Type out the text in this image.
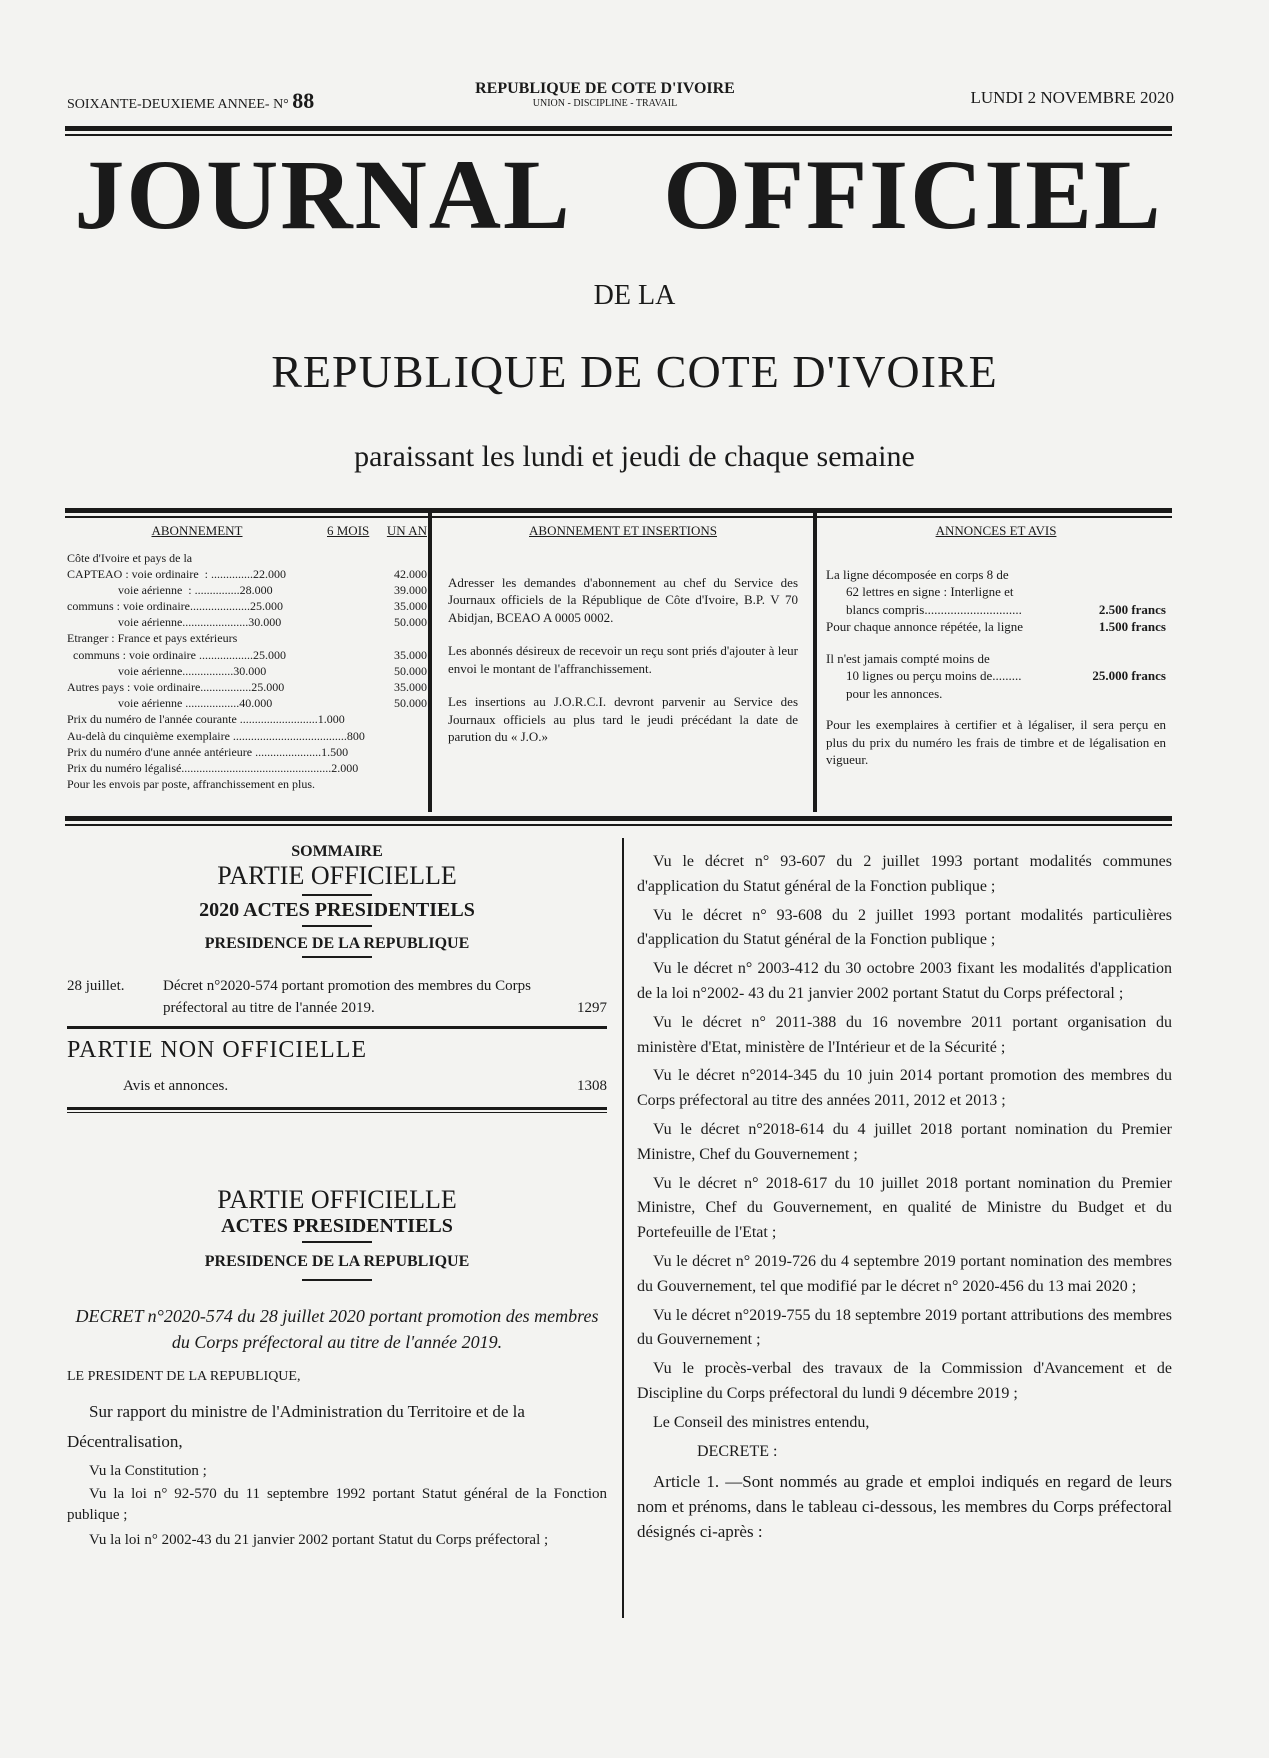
SOIXANTE-DEUXIEME ANNEE- N° 88	REPUBLIQUE DE COTE D'IVOIRE
UNION - DISCIPLINE - TRAVAIL	LUNDI 2 NOVEMBRE 2020
JOURNAL OFFICIEL
DE LA
REPUBLIQUE DE COTE D'IVOIRE
paraissant les lundi et jeudi de chaque semaine
ABONNEMENT	6 MOIS	UN AN
Côte d'Ivoire et pays de la
CAPTEAO : voie ordinaire  : ..............22.000	42.000
voie aérienne  : ...............28.000	39.000
communs : voie ordinaire....................25.000	35.000
voie aérienne......................30.000	50.000
Etranger : France et pays extérieurs
communs : voie ordinaire ..................25.000	35.000
voie aérienne.................30.000	50.000
Autres pays : voie ordinaire.................25.000	35.000
voie aérienne ..................40.000	50.000
Prix du numéro de l'année courante ..........................1.000
Au-delà du cinquième exemplaire ......................................800
Prix du numéro d'une année antérieure ......................1.500
Prix du numéro légalisé..................................................2.000
Pour les envois par poste, affranchissement en plus.
ABONNEMENT ET INSERTIONS

Adresser les demandes d'abonnement au chef du Service des Journaux officiels de la République de Côte d'Ivoire, B.P. V 70 Abidjan, BCEAO A 0005 0002.

Les abonnés désireux de recevoir un reçu sont priés d'ajouter à leur envoi le montant de l'affranchissement.

Les insertions au J.O.R.C.I. devront parvenir au Service des Journaux officiels au plus tard le jeudi précédant la date de parution du « J.O.»

ANNONCES ET AVIS
La ligne décomposée en corps 8 de
62 lettres en signe : Interligne et
blancs compris..............................	2.500 francs
Pour chaque annonce répétée, la ligne	1.500 francs
Il n'est jamais compté moins de
10 lignes ou perçu moins de.........	25.000 francs
pour les annonces.
Pour les exemplaires à certifier et à légaliser, il sera perçu en plus du prix du numéro les frais de timbre et de légalisation en vigueur.
SOMMAIRE
PARTIE OFFICIELLE
2020 ACTES PRESIDENTIELS
PRESIDENCE DE LA REPUBLIQUE
28 juillet.	Décret n°2020-574 portant promotion des membres du Corps préfectoral au titre de l'année 2019.	1297
PARTIE NON OFFICIELLE
Avis et annonces.	1308
PARTIE OFFICIELLE
ACTES PRESIDENTIELS
PRESIDENCE DE LA REPUBLIQUE
DECRET n°2020-574 du 28 juillet 2020 portant promotion des membres du Corps préfectoral au titre de l'année 2019.
LE PRESIDENT DE LA REPUBLIQUE,
Sur rapport du ministre de l'Administration du Territoire et de la Décentralisation,
Vu la Constitution ;
Vu la loi n° 92-570 du 11 septembre 1992 portant Statut général de la Fonction publique ;
Vu la loi n° 2002-43 du 21 janvier 2002 portant Statut du Corps préfectoral ;

Vu le décret n° 93-607 du 2 juillet 1993 portant modalités communes d'application du Statut général de la Fonction publique ;

Vu le décret n° 93-608 du 2 juillet 1993 portant modalités particulières d'application du Statut général de la Fonction publique ;

Vu le décret n° 2003-412 du 30 octobre 2003 fixant les modalités d'application de la loi n°2002- 43 du 21 janvier 2002 portant Statut du Corps préfectoral ;

Vu le décret n° 2011-388 du 16 novembre 2011 portant organisation du ministère d'Etat, ministère de l'Intérieur et de la Sécurité ;

Vu le décret n°2014-345 du 10 juin 2014 portant promotion des membres du Corps préfectoral au titre des années 2011, 2012 et 2013 ;

Vu le décret n°2018-614 du 4 juillet 2018 portant nomination du Premier Ministre, Chef du Gouvernement ;

Vu le décret n° 2018-617 du 10 juillet 2018 portant nomination du Premier Ministre, Chef du Gouvernement, en qualité de Ministre du Budget et du Portefeuille de l'Etat ;

Vu le décret n° 2019-726 du 4 septembre 2019 portant nomination des membres du Gouvernement, tel que modifié par le décret n° 2020-456 du 13 mai 2020 ;

Vu le décret n°2019-755 du 18 septembre 2019 portant attributions des membres du Gouvernement ;

Vu le procès-verbal des travaux de la Commission d'Avancement et de Discipline du Corps préfectoral du lundi 9 décembre 2019 ;

Le Conseil des ministres entendu,

DECRETE :

Article 1. —Sont nommés au grade et emploi indiqués en regard de leurs nom et prénoms, dans le tableau ci-dessous, les membres du Corps préfectoral désignés ci-après :
